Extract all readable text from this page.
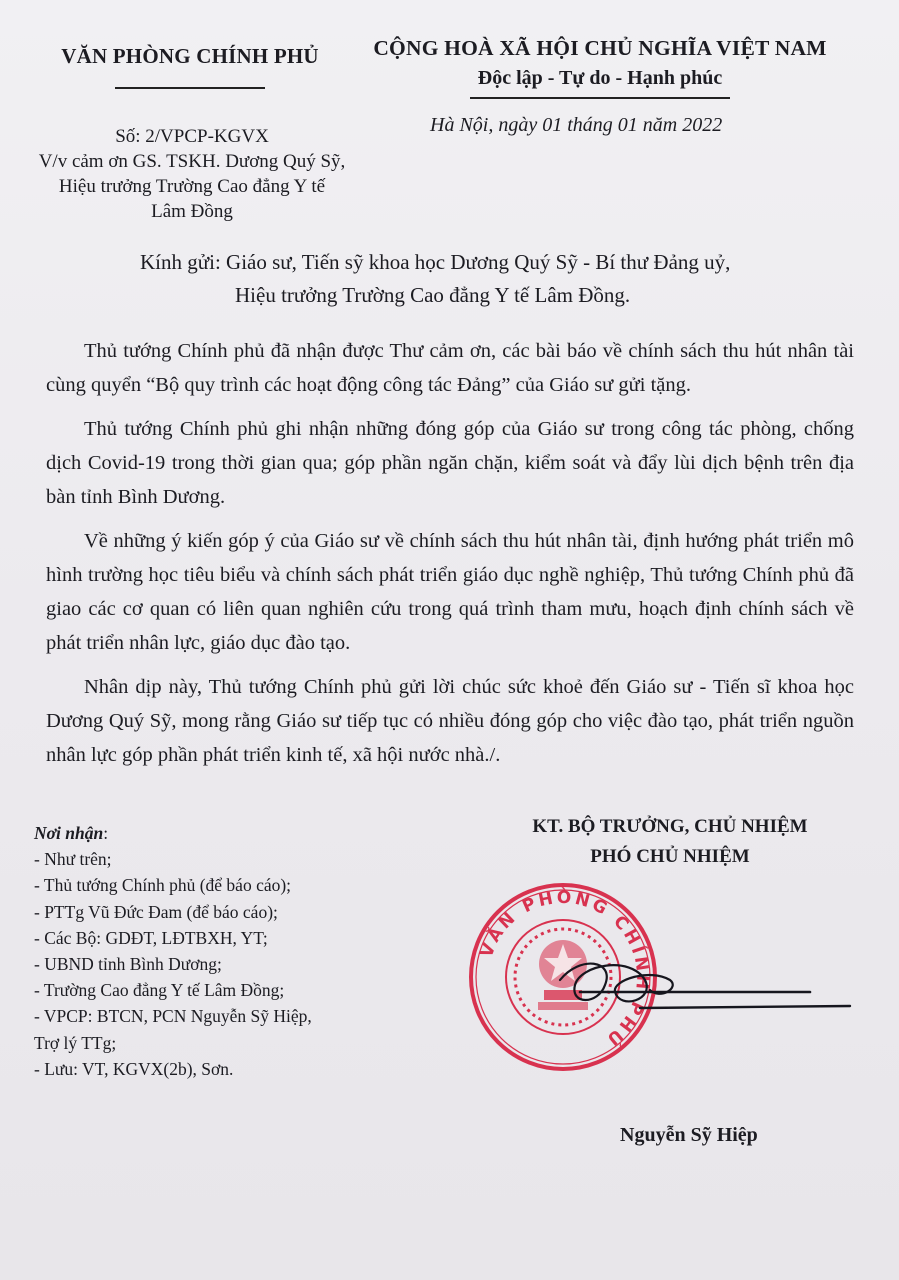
VĂN PHÒNG CHÍNH PHỦ	CỘNG HOÀ XÃ HỘI CHỦ NGHĨA VIỆT NAM
Độc lập - Tự do - Hạnh phúc
Số: 2/VPCP-KGVX
V/v cảm ơn GS. TSKH. Dương Quý Sỹ,
Hiệu trưởng Trường Cao đẳng Y tế
Lâm Đồng
Hà Nội, ngày 01 tháng 01 năm 2022
Kính gửi: Giáo sư, Tiến sỹ khoa học Dương Quý Sỹ - Bí thư Đảng uỷ,
Hiệu trưởng Trường Cao đẳng Y tế Lâm Đồng.

Thủ tướng Chính phủ đã nhận được Thư cảm ơn, các bài báo về chính sách thu hút nhân tài cùng quyển “Bộ quy trình các hoạt động công tác Đảng” của Giáo sư gửi tặng.

Thủ tướng Chính phủ ghi nhận những đóng góp của Giáo sư trong công tác phòng, chống dịch Covid-19 trong thời gian qua; góp phần ngăn chặn, kiểm soát và đẩy lùi dịch bệnh trên địa bàn tỉnh Bình Dương.

Về những ý kiến góp ý của Giáo sư về chính sách thu hút nhân tài, định hướng phát triển mô hình trường học tiêu biểu và chính sách phát triển giáo dục nghề nghiệp, Thủ tướng Chính phủ đã giao các cơ quan có liên quan nghiên cứu trong quá trình tham mưu, hoạch định chính sách về phát triển nhân lực, giáo dục đào tạo.

Nhân dịp này, Thủ tướng Chính phủ gửi lời chúc sức khoẻ đến Giáo sư - Tiến sĩ khoa học Dương Quý Sỹ, mong rằng Giáo sư tiếp tục có nhiều đóng góp cho việc đào tạo, phát triển nguồn nhân lực góp phần phát triển kinh tế, xã hội nước nhà./.

Nơi nhận:
- Như trên;
- Thủ tướng Chính phủ (để báo cáo);
- PTTg Vũ Đức Đam (để báo cáo);
- Các Bộ: GDĐT, LĐTBXH, YT;
- UBND tỉnh Bình Dương;
- Trường Cao đẳng Y tế Lâm Đồng;
- VPCP: BTCN, PCN Nguyễn Sỹ Hiệp,
Trợ lý TTg;
- Lưu: VT, KGVX(2b), Sơn.
KT. BỘ TRƯỞNG, CHỦ NHIỆM
PHÓ CHỦ NHIỆM
VĂN PHÒNG CHÍNH PHỦ
Nguyễn Sỹ Hiệp
